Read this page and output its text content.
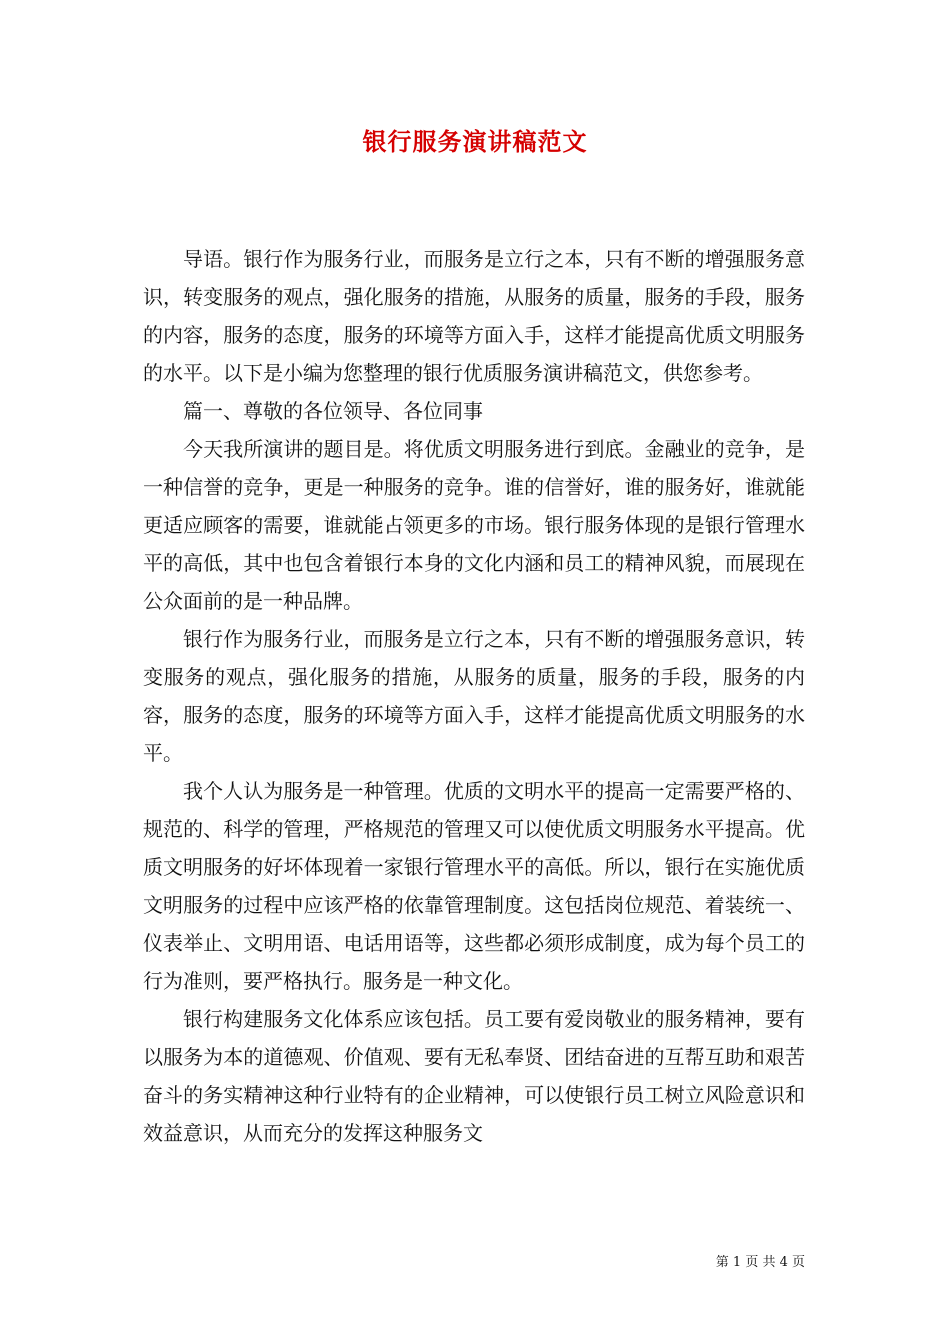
银行服务演讲稿范文

导语。银行作为服务行业，而服务是立行之本，只有不断的增强服务意识，转变服务的观点，强化服务的措施，从服务的质量，服务的手段，服务的内容，服务的态度，服务的环境等方面入手，这样才能提高优质文明服务的水平。以下是小编为您整理的银行优质服务演讲稿范文，供您参考。

篇一、尊敬的各位领导、各位同事

今天我所演讲的题目是。将优质文明服务进行到底。金融业的竞争，是一种信誉的竞争，更是一种服务的竞争。谁的信誉好，谁的服务好，谁就能更适应顾客的需要，谁就能占领更多的市场。银行服务体现的是银行管理水平的高低，其中也包含着银行本身的文化内涵和员工的精神风貌，而展现在公众面前的是一种品牌。

银行作为服务行业，而服务是立行之本，只有不断的增强服务意识，转变服务的观点，强化服务的措施，从服务的质量，服务的手段，服务的内容，服务的态度，服务的环境等方面入手，这样才能提高优质文明服务的水平。

我个人认为服务是一种管理。优质的文明水平的提高一定需要严格的、规范的、科学的管理，严格规范的管理又可以使优质文明服务水平提高。优质文明服务的好坏体现着一家银行管理水平的高低。所以，银行在实施优质文明服务的过程中应该严格的依靠管理制度。这包括岗位规范、着装统一、仪表举止、文明用语、电话用语等，这些都必须形成制度，成为每个员工的行为准则，要严格执行。服务是一种文化。

银行构建服务文化体系应该包括。员工要有爱岗敬业的服务精神，要有以服务为本的道德观、价值观、要有无私奉贤、团结奋进的互帮互助和艰苦奋斗的务实精神这种行业特有的企业精神，可以使银行员工树立风险意识和效益意识，从而充分的发挥这种服务文

第 1 页 共 4 页
